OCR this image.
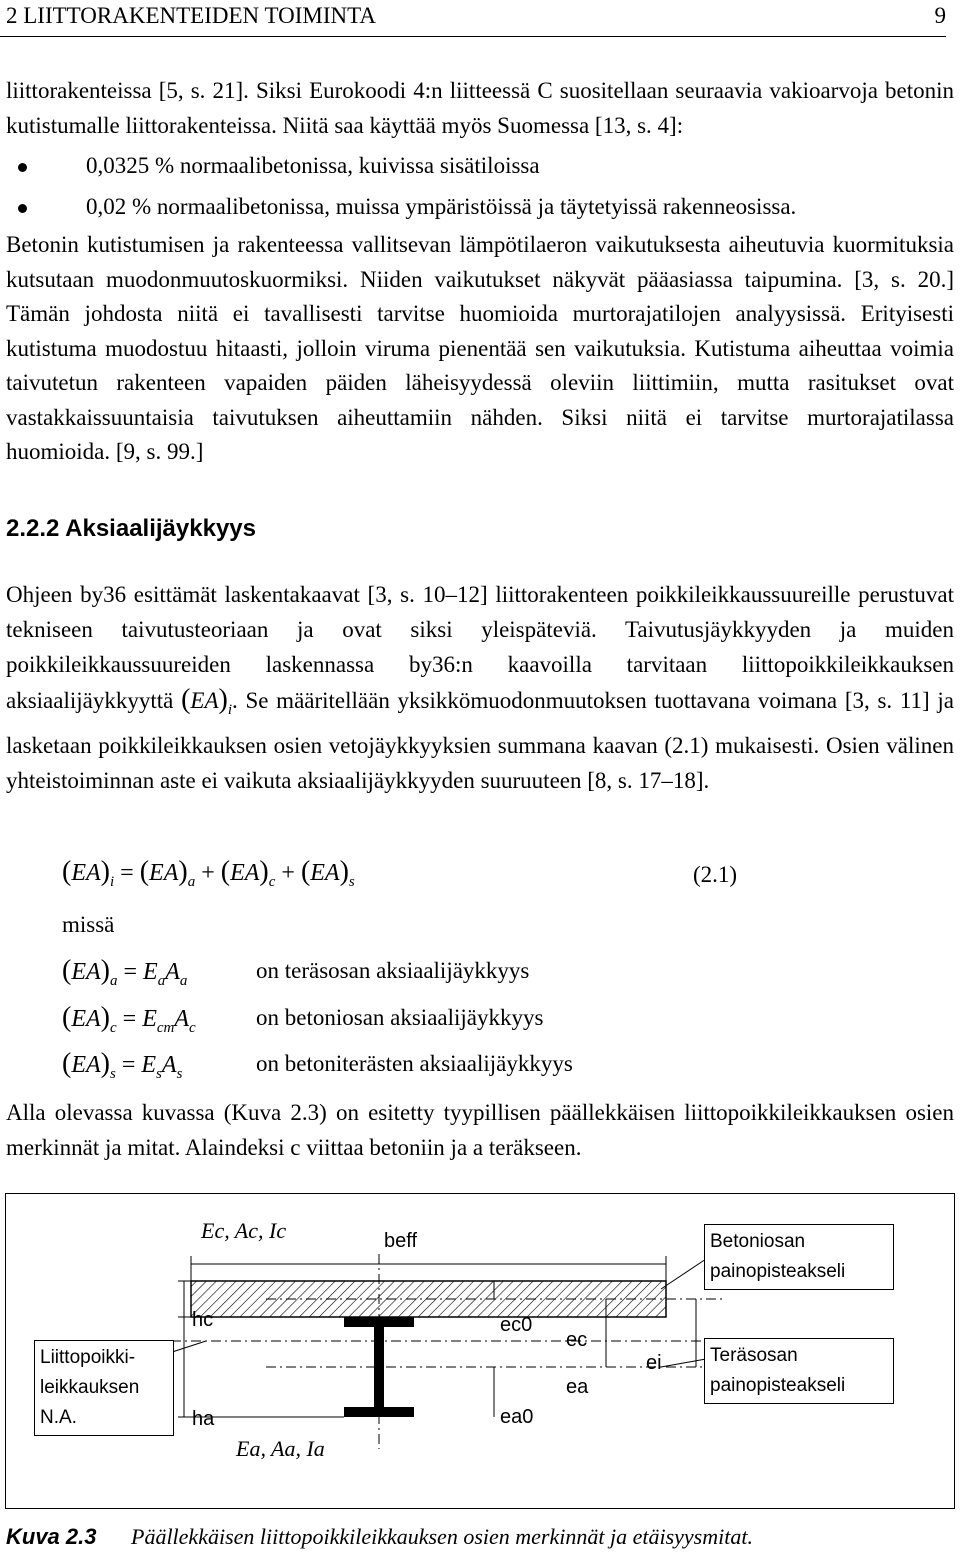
2 LIITTORAKENTEIDEN TOIMINTA	9

liittorakenteissa [5, s. 21]. Siksi Eurokoodi 4:n liitteessä C suositellaan seuraavia vakioarvoja betonin kutistumalle liittorakenteissa. Niitä saa käyttää myös Suomessa [13, s. 4]:

0,0325 % normaalibetonissa, kuivissa sisätiloissa
0,02 % normaalibetonissa, muissa ympäristöissä ja täytetyissä rakenneosissa.

Betonin kutistumisen ja rakenteessa vallitsevan lämpötilaeron vaikutuksesta aiheutuvia kuormituksia kutsutaan muodonmuutoskuormiksi. Niiden vaikutukset näkyvät pääasiassa taipumina. [3, s. 20.] Tämän johdosta niitä ei tavallisesti tarvitse huomioida murtorajatilojen analyysissä. Erityisesti kutistuma muodostuu hitaasti, jolloin viruma pienentää sen vaikutuksia. Kutistuma aiheuttaa voimia taivutetun rakenteen vapaiden päiden läheisyydessä oleviin liittimiin, mutta rasitukset ovat vastakkaissuuntaisia taivutuksen aiheuttamiin nähden. Siksi niitä ei tarvitse murtorajatilassa huomioida. [9, s. 99.]

2.2.2 Aksiaalijäykkyys

Ohjeen by36 esittämät laskentakaavat [3, s. 10–12] liittorakenteen poikkileikkaussuureille perustuvat tekniseen taivutusteoriaan ja ovat siksi yleispäteviä. Taivutusjäykkyyden ja muiden poikkileikkaussuureiden laskennassa by36:n kaavoilla tarvitaan liittopoikkileikkauksen aksiaalijäykkyyttä $(EA)_i$. Se määritellään yksikkömuodonmuutoksen tuottavana voimana [3, s. 11] ja lasketaan poikkileikkauksen osien vetojäykkyyksien summana kaavan (2.1) mukaisesti. Osien välinen yhteistoiminnan aste ei vaikuta aksiaalijäykkyyden suuruuteen [8, s. 17–18].

$(EA)_i = (EA)_a + (EA)_c + (EA)_s$	(2.1)
missä
$(EA)_a = E_aA_a$	on teräsosan aksiaalijäykkyys
$(EA)_c = E_{cm}A_c$	on betoniosan aksiaalijäykkyys
$(EA)_s = E_sA_s$	on betoniterästen aksiaalijäykkyys

Alla olevassa kuvassa (Kuva 2.3) on esitetty tyypillisen päällekkäisen liittopoikkileikkauksen osien merkinnät ja mitat. Alaindeksi c viittaa betoniin ja a teräkseen.

Ec, Ac, Ic	beff
hc
ha
ec0
ea0
ec
ea
ei
Ea, Aa, Ia
Betoniosan
painopisteakseli
Teräsosan
painopisteakseli
Liittopoikki-
leikkauksen
N.A.
Kuva 2.3 Päällekkäisen liittopoikkileikkauksen osien merkinnät ja etäisyysmitat.
